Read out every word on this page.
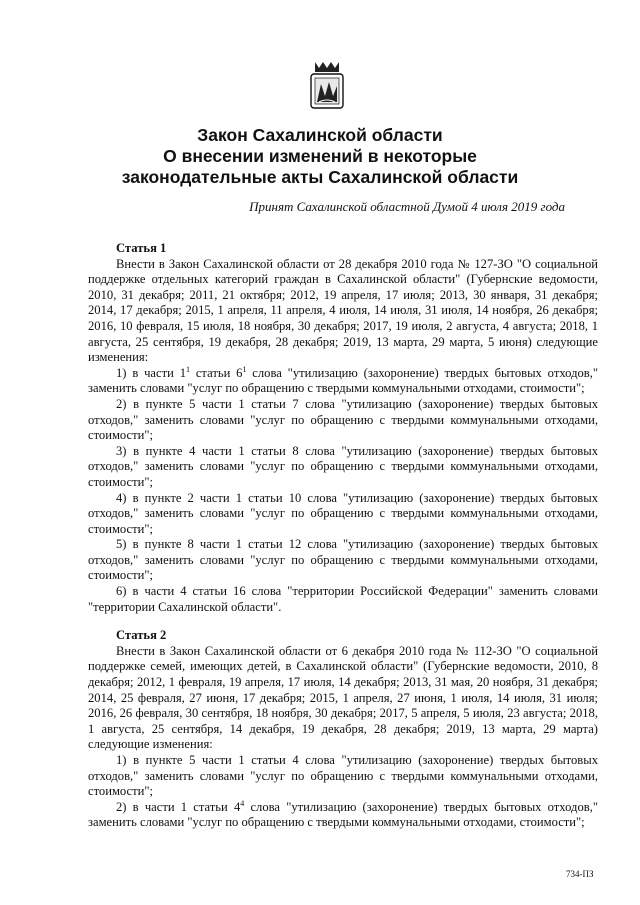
Закон Сахалинской области
О внесении изменений в некоторые
законодательные акты Сахалинской области
Принят Сахалинской областной Думой 4 июля 2019 года

Статья 1

Внести в Закон Сахалинской области от 28 декабря 2010 года № 127-ЗО "О социальной поддержке отдельных категорий граждан в Сахалинской области" (Губернские ведомости, 2010, 31 декабря; 2011, 21 октября; 2012, 19 апреля, 17 июля; 2013, 30 января, 31 декабря; 2014, 17 декабря; 2015, 1 апреля, 11 апреля, 4 июля, 14 июля, 31 июля, 14 ноября, 26 декабря; 2016, 10 февраля, 15 июля, 18 ноября, 30 декабря; 2017, 19 июля, 2 августа, 4 августа; 2018, 1 августа, 25 сентября, 19 декабря, 28 декабря; 2019, 13 марта, 29 марта, 5 июня) следующие изменения:

1) в части $1^1$ статьи $6^1$ слова "утилизацию (захоронение) твердых бытовых отходов," заменить словами "услуг по обращению с твердыми коммунальными отходами, стоимости";

2) в пункте 5 части 1 статьи 7 слова "утилизацию (захоронение) твердых бытовых отходов," заменить словами "услуг по обращению с твердыми коммунальными отходами, стоимости";

3) в пункте 4 части 1 статьи 8 слова "утилизацию (захоронение) твердых бытовых отходов," заменить словами "услуг по обращению с твердыми коммунальными отходами, стоимости";

4) в пункте 2 части 1 статьи 10 слова "утилизацию (захоронение) твердых бытовых отходов," заменить словами "услуг по обращению с твердыми коммунальными отходами, стоимости";

5) в пункте 8 части 1 статьи 12 слова "утилизацию (захоронение) твердых бытовых отходов," заменить словами "услуг по обращению с твердыми коммунальными отходами, стоимости";

6) в части 4 статьи 16 слова "территории Российской Федерации" заменить словами "территории Сахалинской области".

Статья 2

Внести в Закон Сахалинской области от 6 декабря 2010 года № 112-ЗО "О социальной поддержке семей, имеющих детей, в Сахалинской области" (Губернские ведомости, 2010, 8 декабря; 2012, 1 февраля, 19 апреля, 17 июля, 14 декабря; 2013, 31 мая, 20 ноября, 31 декабря; 2014, 25 февраля, 27 июня, 17 декабря; 2015, 1 апреля, 27 июня, 1 июля, 14 июля, 31 июля; 2016, 26 февраля, 30 сентября, 18 ноября, 30 декабря; 2017, 5 апреля, 5 июля, 23 августа; 2018, 1 августа, 25 сентября, 14 декабря, 19 декабря, 28 декабря; 2019, 13 марта, 29 марта) следующие изменения:

1) в пункте 5 части 1 статьи 4 слова "утилизацию (захоронение) твердых бытовых отходов," заменить словами "услуг по обращению с твердыми коммунальными отходами, стоимости";

2) в части 1 статьи $4^4$ слова "утилизацию (захоронение) твердых бытовых отходов," заменить словами "услуг по обращению с твердыми коммунальными отходами, стоимости";

734-ПЗ
